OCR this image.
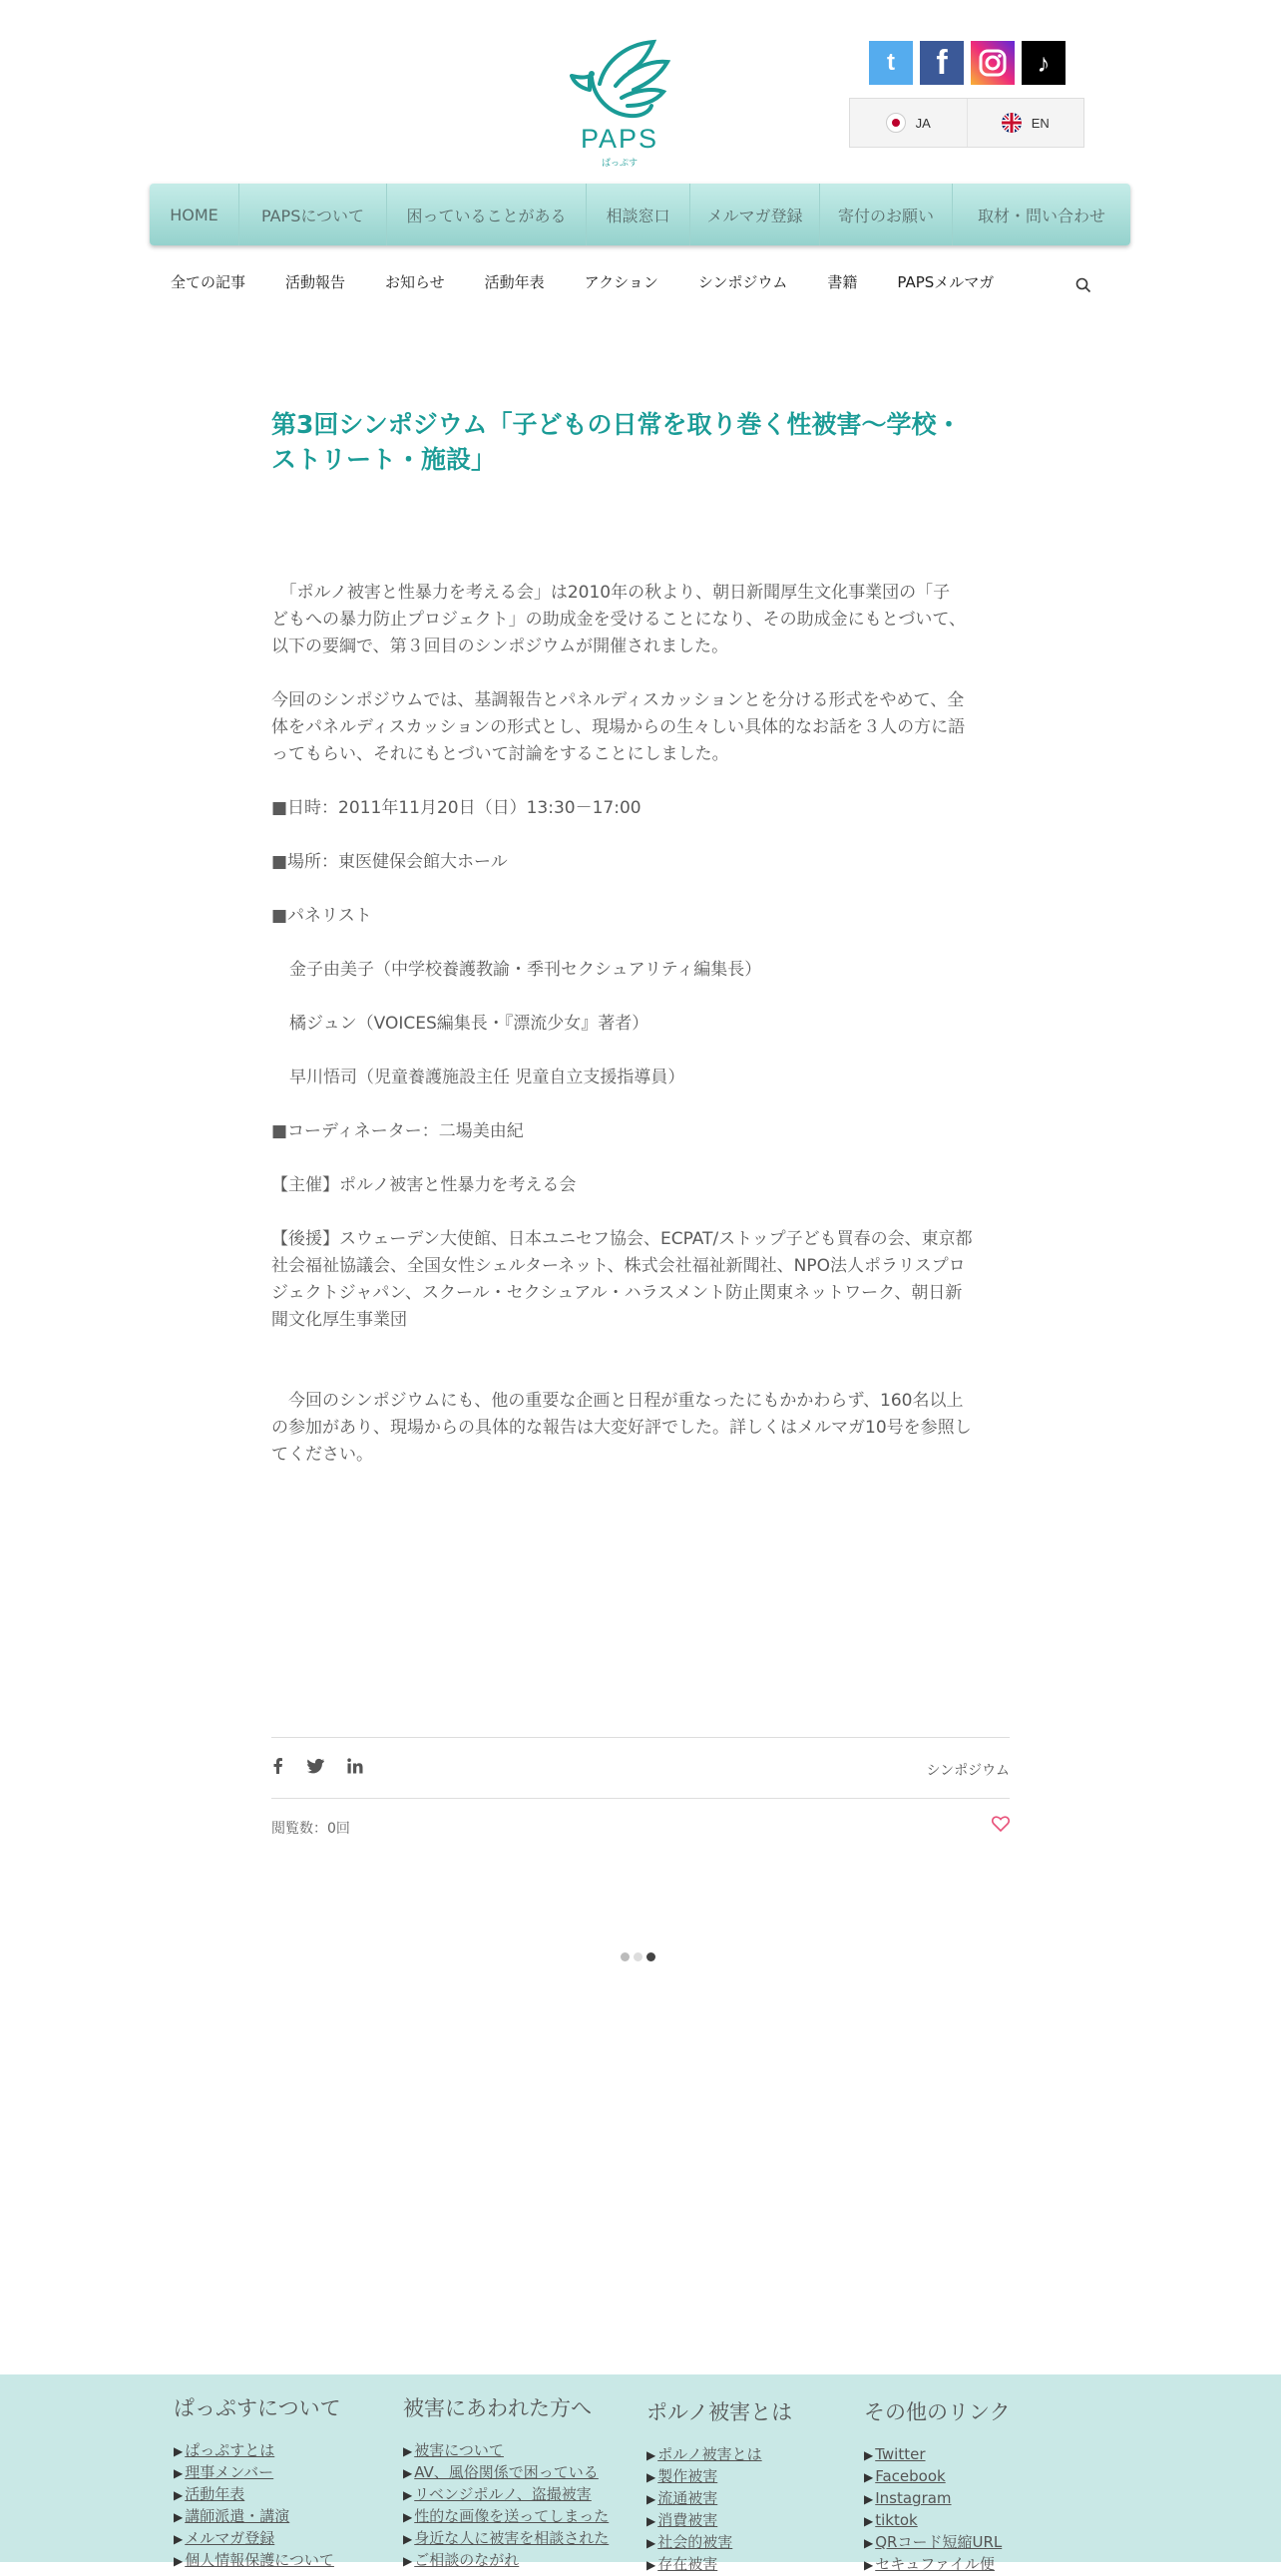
PAPS
ぱっぷす
t	f	♪
JA	EN
HOME	PAPSについて	困っていることがある	相談窓口	メルマガ登録	寄付のお願い	取材・問い合わせ
全ての記事	活動報告	お知らせ	活動年表	アクション	シンポジウム	書籍	PAPSメルマガ
第3回シンポジウム「子どもの日常を取り巻く性被害～学校・
ストリート・施設」

　「ポルノ被害と性暴力を考える会」は2010年の秋より、朝日新聞厚生文化事業団の「子

どもへの暴力防止プロジェクト」の助成金を受けることになり、その助成金にもとづいて、

以下の要綱で、第３回目のシンポジウムが開催されました。

今回のシンポジウムでは、基調報告とパネルディスカッションとを分ける形式をやめて、全

体をパネルディスカッションの形式とし、現場からの生々しい具体的なお話を３人の方に語

ってもらい、それにもとづいて討論をすることにしました。

■日時：2011年11月20日（日）13:30－17:00

■場所：東医健保会館大ホール

■パネリスト

金子由美子（中学校養護教諭・季刊セクシュアリティ編集長）

橘ジュン（VOICES編集長・『漂流少女』著者）

早川悟司（児童養護施設主任 児童自立支援指導員）

■コーディネーター：二場美由紀

【主催】ポルノ被害と性暴力を考える会

【後援】スウェーデン大使館、日本ユニセフ協会、ECPAT/ストップ子ども買春の会、東京都

社会福祉協議会、全国女性シェルターネット、株式会社福祉新聞社、NPO法人ポラリスプロ

ジェクトジャパン、スクール・セクシュアル・ハラスメント防止関東ネットワーク、朝日新

聞文化厚生事業団

　今回のシンポジウムにも、他の重要な企画と日程が重なったにもかかわらず、160名以上

の参加があり、現場からの具体的な報告は大変好評でした。詳しくはメルマガ10号を参照し

てください。

シンポジウム
閲覧数：0回
ぱっぷすについて
▶ ぱっぷすとは
▶ 理事メンバー
▶ 活動年表
▶ 講師派遣・講演
▶ メルマガ登録
▶ 個人情報保護について
被害にあわれた方へ
▶ 被害について
▶ AV、風俗関係で困っている
▶ リベンジポルノ、盗撮被害
▶ 性的な画像を送ってしまった
▶ 身近な人に被害を相談された
▶ ご相談のながれ
ポルノ被害とは
▶ ポルノ被害とは
▶ 製作被害
▶ 流通被害
▶ 消費被害
▶ 社会的被害
▶ 存在被害
その他のリンク
▶ Twitter
▶ Facebook
▶ Instagram
▶ tiktok
▶ QRコード短縮URL
▶ セキュファイル便
